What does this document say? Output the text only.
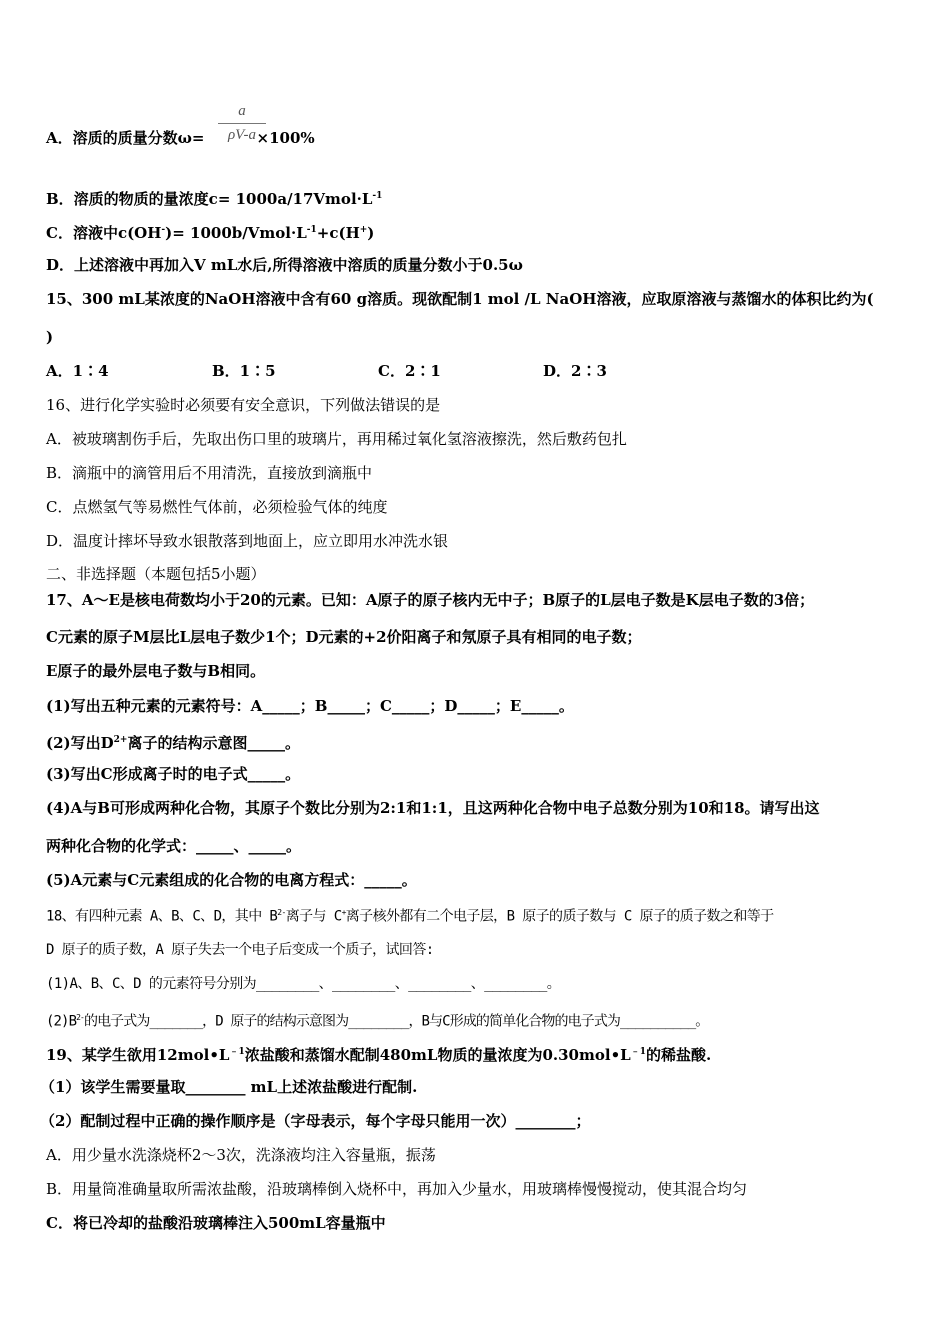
A．溶质的质量分数ω=	×100%
a
ρV-a
B．溶质的物质的量浓度$c= 1000a/17Vmol\cdot L^{-1}$
C．溶液中$c(OH^-)= 1000b/Vmol\cdot L^{-1}+c(H^+)$
D．上述溶液中再加入V mL水后,所得溶液中溶质的质量分数小于0.5ω
15、300 mL某浓度的NaOH溶液中含有60 g溶质。现欲配制1 mol /L NaOH溶液，应取原溶液与蒸馏水的体积比约为(
)
A．1∶4	B．1∶5	C．2∶1	D．2∶3
16、进行化学实验时必须要有安全意识，下列做法错误的是
A．被玻璃割伤手后，先取出伤口里的玻璃片，再用稀过氧化氢溶液擦洗，然后敷药包扎
B．滴瓶中的滴管用后不用清洗，直接放到滴瓶中
C．点燃氢气等易燃性气体前，必须检验气体的纯度
D．温度计摔坏导致水银散落到地面上，应立即用水冲洗水银
二、非选择题（本题包括5小题）
17、A～E是核电荷数均小于20的元素。已知：A原子的原子核内无中子；B原子的L层电子数是K层电子数的3倍；
C元素的原子M层比L层电子数少1个；D元素的+2价阳离子和氖原子具有相同的电子数；
E原子的最外层电子数与B相同。
(1)写出五种元素的元素符号：A_____；B_____；C_____；D_____；E_____。
(2)写出$D^{2+}$离子的结构示意图_____。
(3)写出C形成离子时的电子式_____。
(4)A与B可形成两种化合物，其原子个数比分别为2:1和1:1，且这两种化合物中电子总数分别为10和18。请写出这
两种化合物的化学式：_____、_____。
(5)A元素与C元素组成的化合物的电离方程式：_____。
18、有四种元素 A、B、C、D，其中 $B^{2-}$离子与 C+离子核外都有二个电子层，B 原子的质子数与 C 原子的质子数之和等于
D 原子的质子数，A 原子失去一个电子后变成一个质子，试回答:
(1)A、B、C、D 的元素符号分别为________、________、________、________。
$(2)B^{2-}$的电子式为_______，D 原子的结构示意图为________，B与C形成的简单化合物的电子式为__________。
19、某学生欲用$12mol•L^{﹣1}$浓盐酸和蒸馏水配制480mL物质的量浓度为$0.30mol•L^{﹣1}$的稀盐酸.
（1）该学生需要量取________ mL上述浓盐酸进行配制.
（2）配制过程中正确的操作顺序是（字母表示，每个字母只能用一次）________；
A．用少量水洗涤烧杯2～3次，洗涤液均注入容量瓶，振荡
B．用量筒准确量取所需浓盐酸，沿玻璃棒倒入烧杯中，再加入少量水，用玻璃棒慢慢搅动，使其混合均匀
C．将已冷却的盐酸沿玻璃棒注入500mL容量瓶中
